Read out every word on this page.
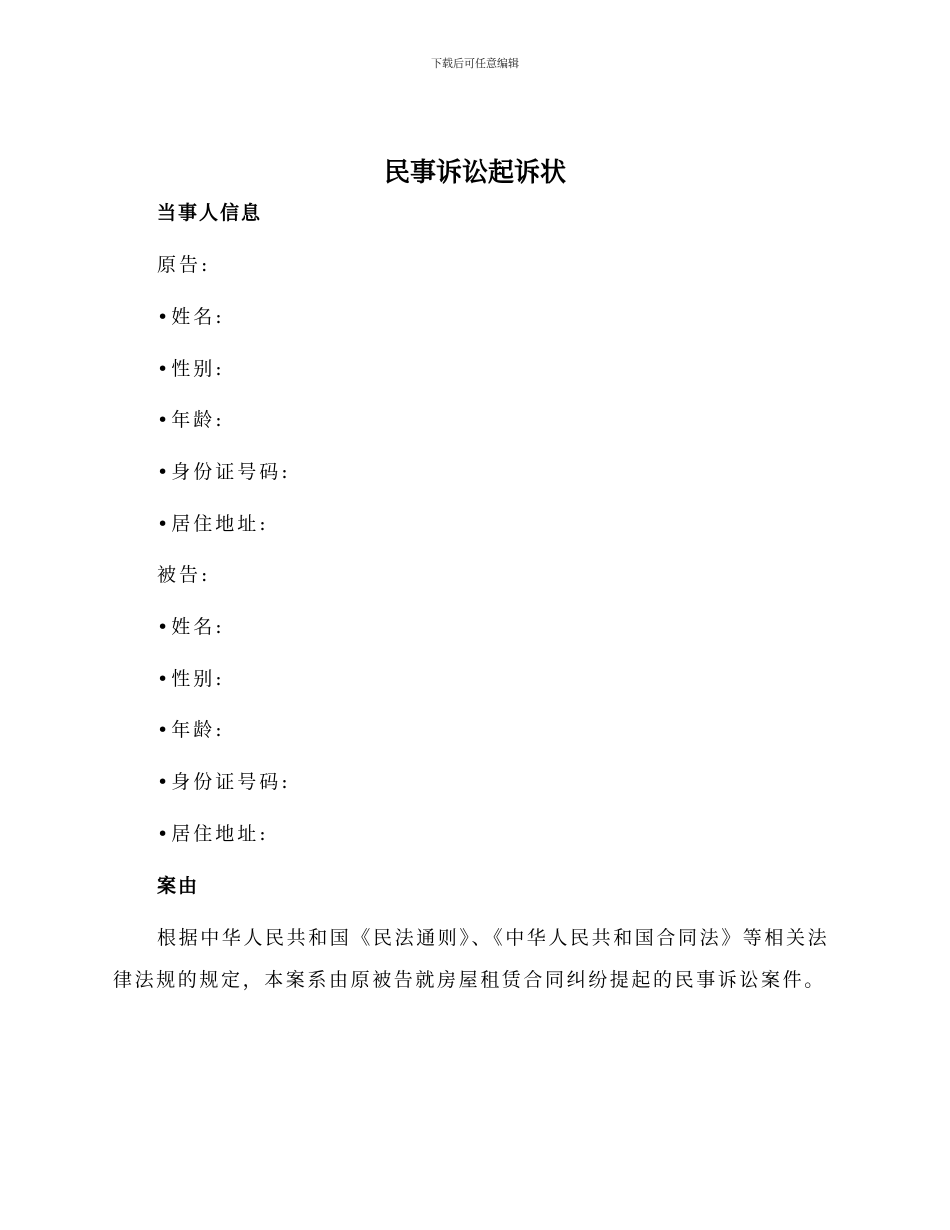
下载后可任意编辑
民事诉讼起诉状
当事人信息
原告:
•姓名:
•性别:
•年龄:
•身份证号码:
•居住地址:
被告:
•姓名:
•性别:
•年龄:
•身份证号码:
•居住地址:
案由

根据中华人民共和国《民法通则》、《中华人民共和国合同法》等相关法律法规的规定，本案系由原被告就房屋租赁合同纠纷提起的民事诉讼案件。
